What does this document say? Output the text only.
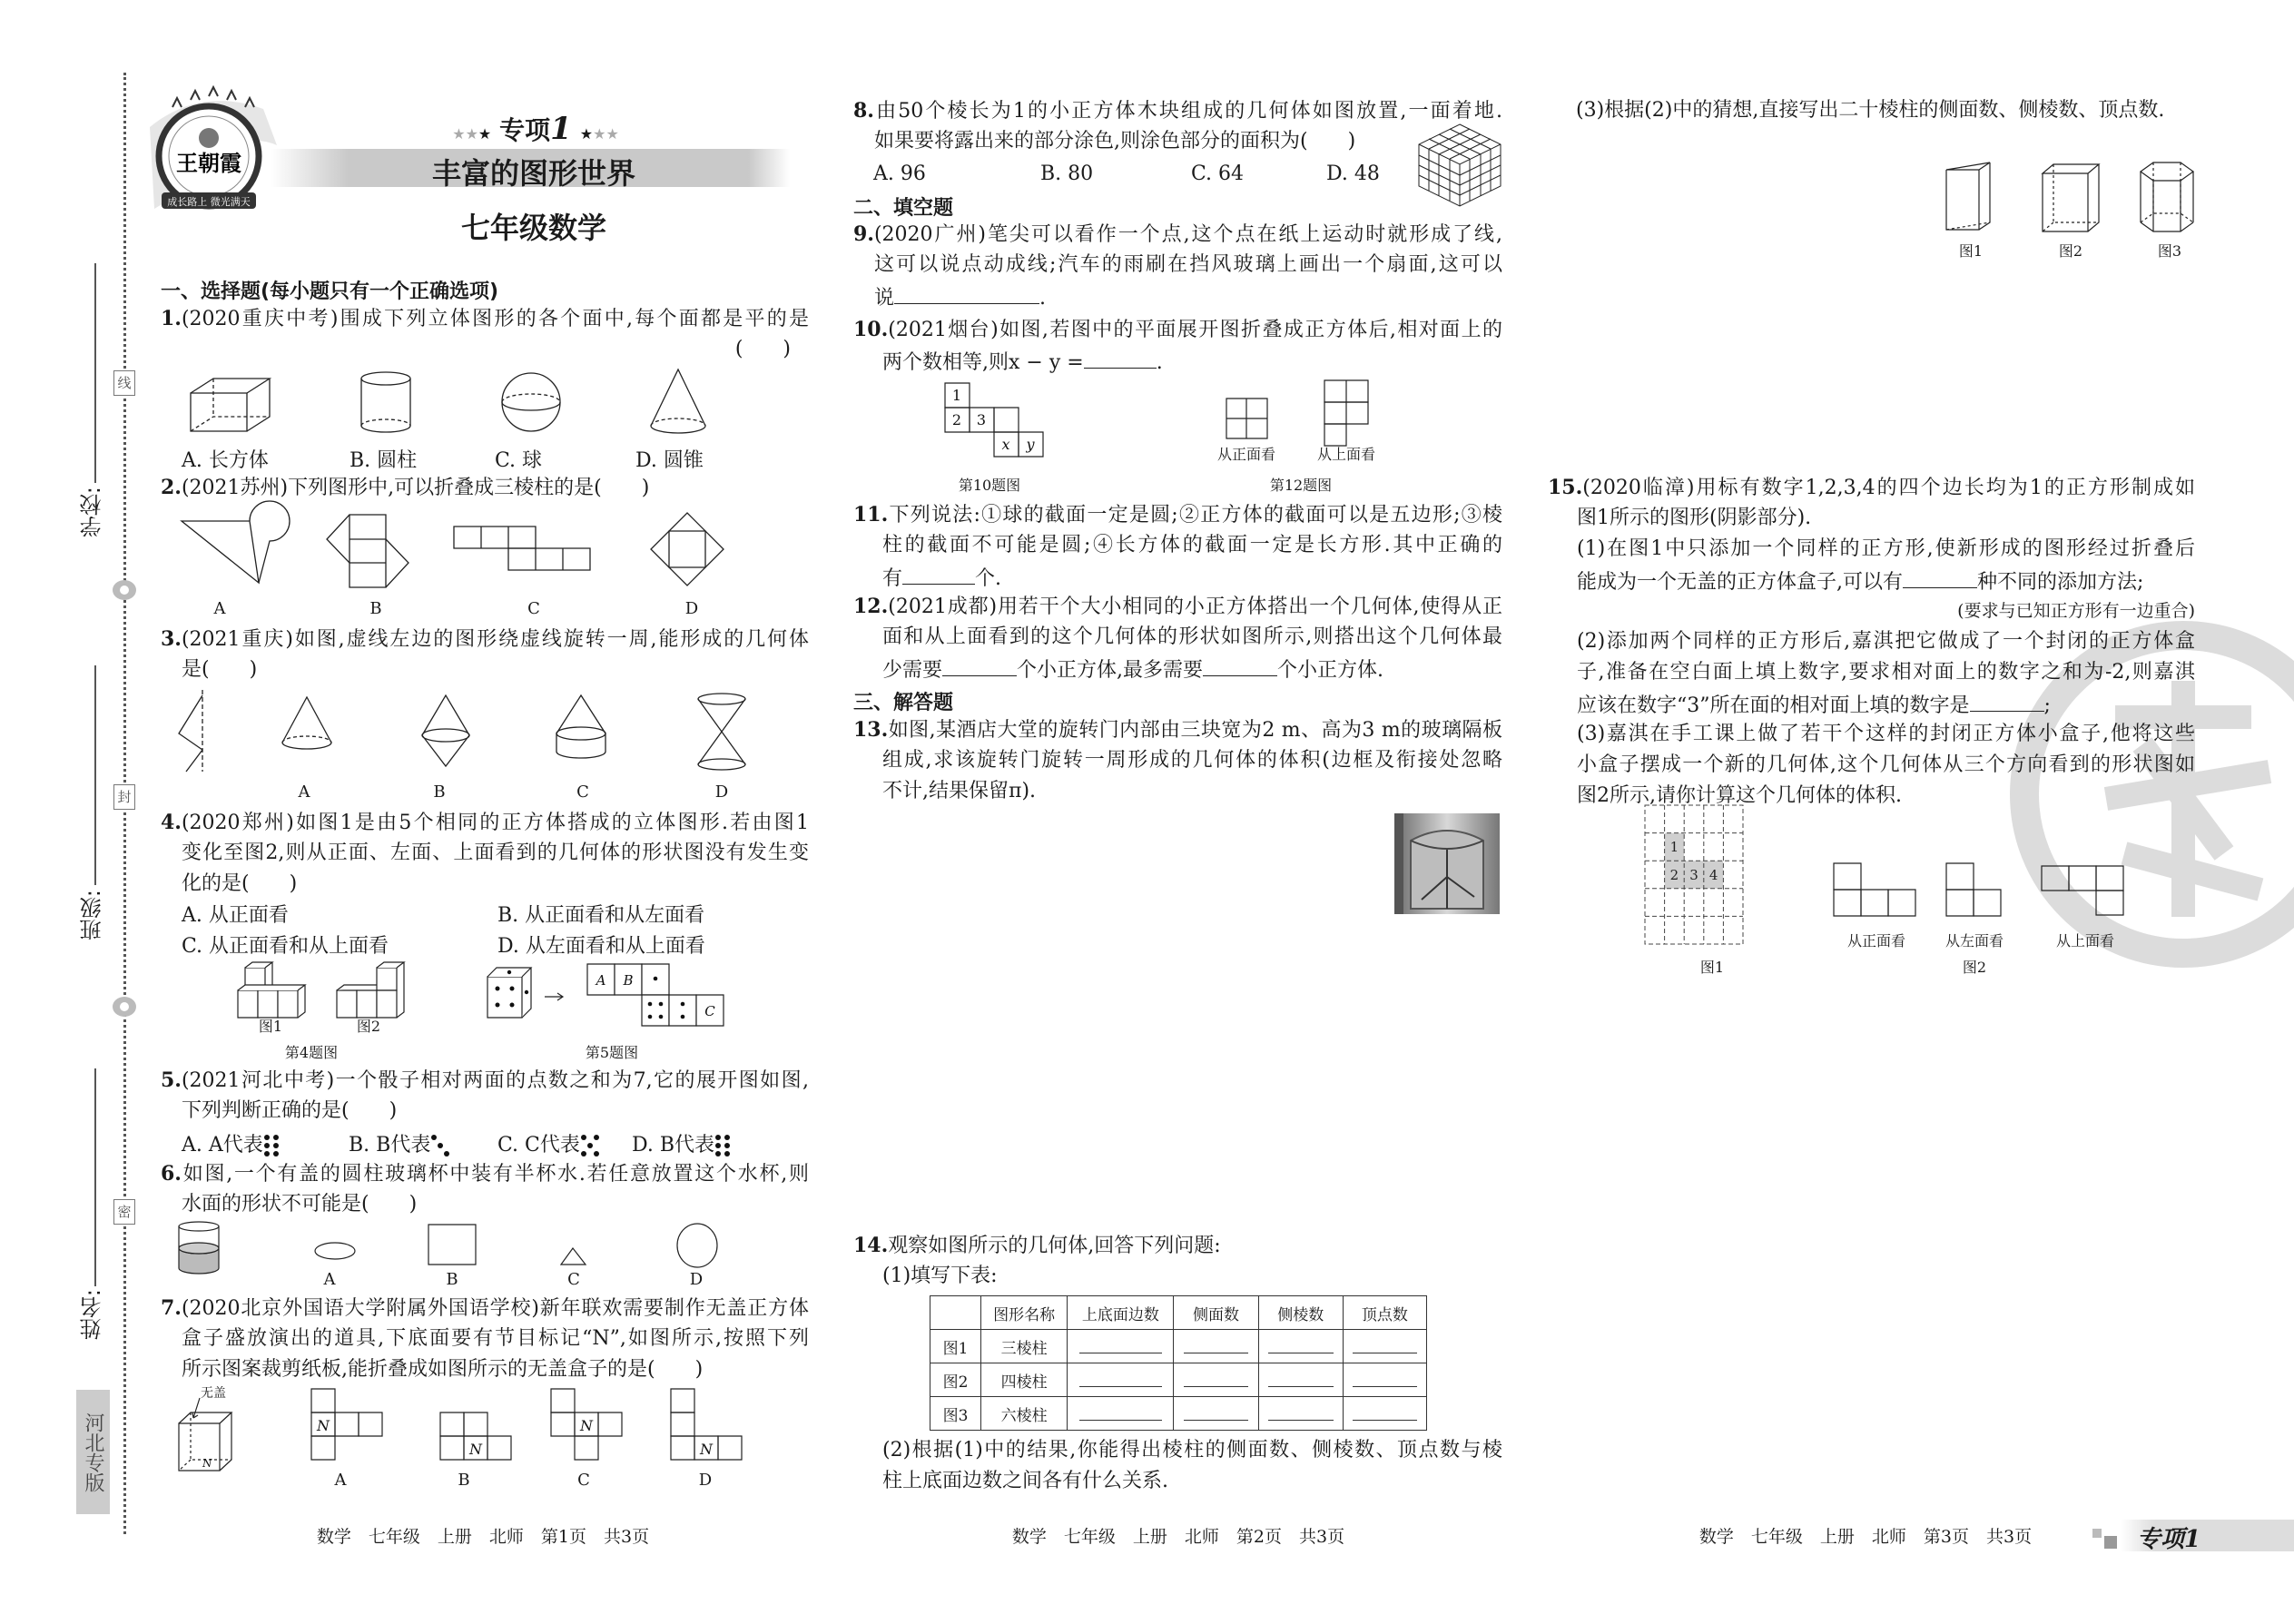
线
封
密
学校:
班级:
姓名:
河北专版
王朝霞
成长路上 微光满天
★★★ 专项1 ★★★
丰富的图形世界
七年级数学
一、选择题(每小题只有一个正确选项)
1.(2020重庆中考)围成下列立体图形的各个面中,每个面都是平的是
(　　)
A. 长方体	B. 圆柱	C. 球	D. 圆锥
2.(2021苏州)下列图形中,可以折叠成三棱柱的是(　　)
A	B	C	D
3.(2021重庆)如图,虚线左边的图形绕虚线旋转一周,能形成的几何体
是(　　)
A	B	C	D
4.(2020郑州)如图1是由5个相同的正方体搭成的立体图形.若由图1
变化至图2,则从正面、左面、上面看到的几何体的形状图没有发生变
化的是(　　)
A. 从正面看	B. 从正面看和从左面看
C. 从正面看和从上面看	D. 从左面看和从上面看
A B
C
图1	图2
第4题图	第5题图
5.(2021河北中考)一个骰子相对两面的点数之和为7,它的展开图如图,
下列判断正确的是(　　)
A. A代表	B. B代表	C. C代表	D. B代表
6.如图,一个有盖的圆柱玻璃杯中装有半杯水.若任意放置这个水杯,则
水面的形状不可能是(　　)
A	B	C	D
7.(2020北京外国语大学附属外国语学校)新年联欢需要制作无盖正方体
盒子盛放演出的道具,下底面要有节目标记“N”,如图所示,按照下列
所示图案裁剪纸板,能折叠成如图所示的无盖盒子的是(　　)
无盖
N
N
N
N
N
A	B	C	D
数学　七年级　上册　北师　第1页　共3页
8.由50个棱长为1的小正方体木块组成的几何体如图放置,一面着地.
如果要将露出来的部分涂色,则涂色部分的面积为(　　)
A. 96	B. 80	C. 64	D. 48
二、填空题
9.(2020广州)笔尖可以看作一个点,这个点在纸上运动时就形成了线,
这可以说点动成线;汽车的雨刷在挡风玻璃上画出一个扇面,这可以
说	.
10.(2021烟台)如图,若图中的平面展开图折叠成正方体后,相对面上的
两个数相等,则x − y =	.
1
2 3
x y
从正面看	从上面看
第10题图	第12题图
11.下列说法:①球的截面一定是圆;②正方体的截面可以是五边形;③棱
柱的截面不可能是圆;④长方体的截面一定是长方形.其中正确的
有	个.
12.(2021成都)用若干个大小相同的小正方体搭出一个几何体,使得从正
面和从上面看到的这个几何体的形状如图所示,则搭出这个几何体最
少需要	个小正方体,最多需要	个小正方体.
三、解答题
13.如图,某酒店大堂的旋转门内部由三块宽为2 m、高为3 m的玻璃隔板
组成,求该旋转门旋转一周形成的几何体的体积(边框及衔接处忽略
不计,结果保留π).
14.观察如图所示的几何体,回答下列问题:
(1)填写下表:
	图形名称	上底面边数	侧面数	侧棱数	顶点数
图1	三棱柱				
图2	四棱柱				
图3	六棱柱				
(2)根据(1)中的结果,你能得出棱柱的侧面数、侧棱数、顶点数与棱
柱上底面边数之间各有什么关系.
数学　七年级　上册　北师　第2页　共3页
(3)根据(2)中的猜想,直接写出二十棱柱的侧面数、侧棱数、顶点数.
图1	图2	图3
15.(2020临漳)用标有数字1,2,3,4的四个边长均为1的正方形制成如
图1所示的图形(阴影部分).
(1)在图1中只添加一个同样的正方形,使新形成的图形经过折叠后
能成为一个无盖的正方体盒子,可以有	种不同的添加方法;
(要求与已知正方形有一边重合)
(2)添加两个同样的正方形后,嘉淇把它做成了一个封闭的正方体盒
子,准备在空白面上填上数字,要求相对面上的数字之和为-2,则嘉淇
应该在数字“3”所在面的相对面上填的数字是	;
(3)嘉淇在手工课上做了若干个这样的封闭正方体小盒子,他将这些
小盒子摆成一个新的几何体,这个几何体从三个方向看到的形状图如
图2所示,请你计算这个几何体的体积.
1
2 3 4
从正面看	从左面看	从上面看
图1	图2
数学　七年级　上册　北师　第3页　共3页	专项1
